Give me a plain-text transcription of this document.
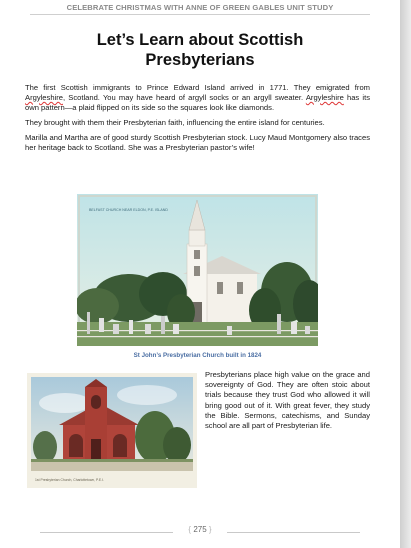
CELEBRATE CHRISTMAS WITH ANNE OF GREEN GABLES UNIT STUDY
Let’s Learn about Scottish
Presbyterians

The first Scottish immigrants to Prince Edward Island arrived in 1771. They emigrated from Argyleshire, Scotland. You may have heard of argyll socks or an argyll sweater. Argyleshire has its own pattern—a plaid flipped on its side so the squares look like diamonds.

They brought with them their Presbyterian faith, influencing the entire island for centuries.

Marilla and Martha are of good sturdy Scottish Presbyterian stock. Lucy Maud Montgomery also traces her heritage back to Scotland. She was a Presbyterian pastor’s wife!

BELFAST CHURCH NEAR ELDON, P.E. ISLAND
St John’s Presbyterian Church built in 1824
1st Presbyterian Church, Charlottetown, P.E.I.

Presbyterians place high value on the grace and sovereignty of God. They are often stoic about trials because they trust God who allowed it will bring good out of it. With great fever, they study the Bible. Sermons, catechisms, and Sunday school are all part of Presbyterian life.

{ 275 }
